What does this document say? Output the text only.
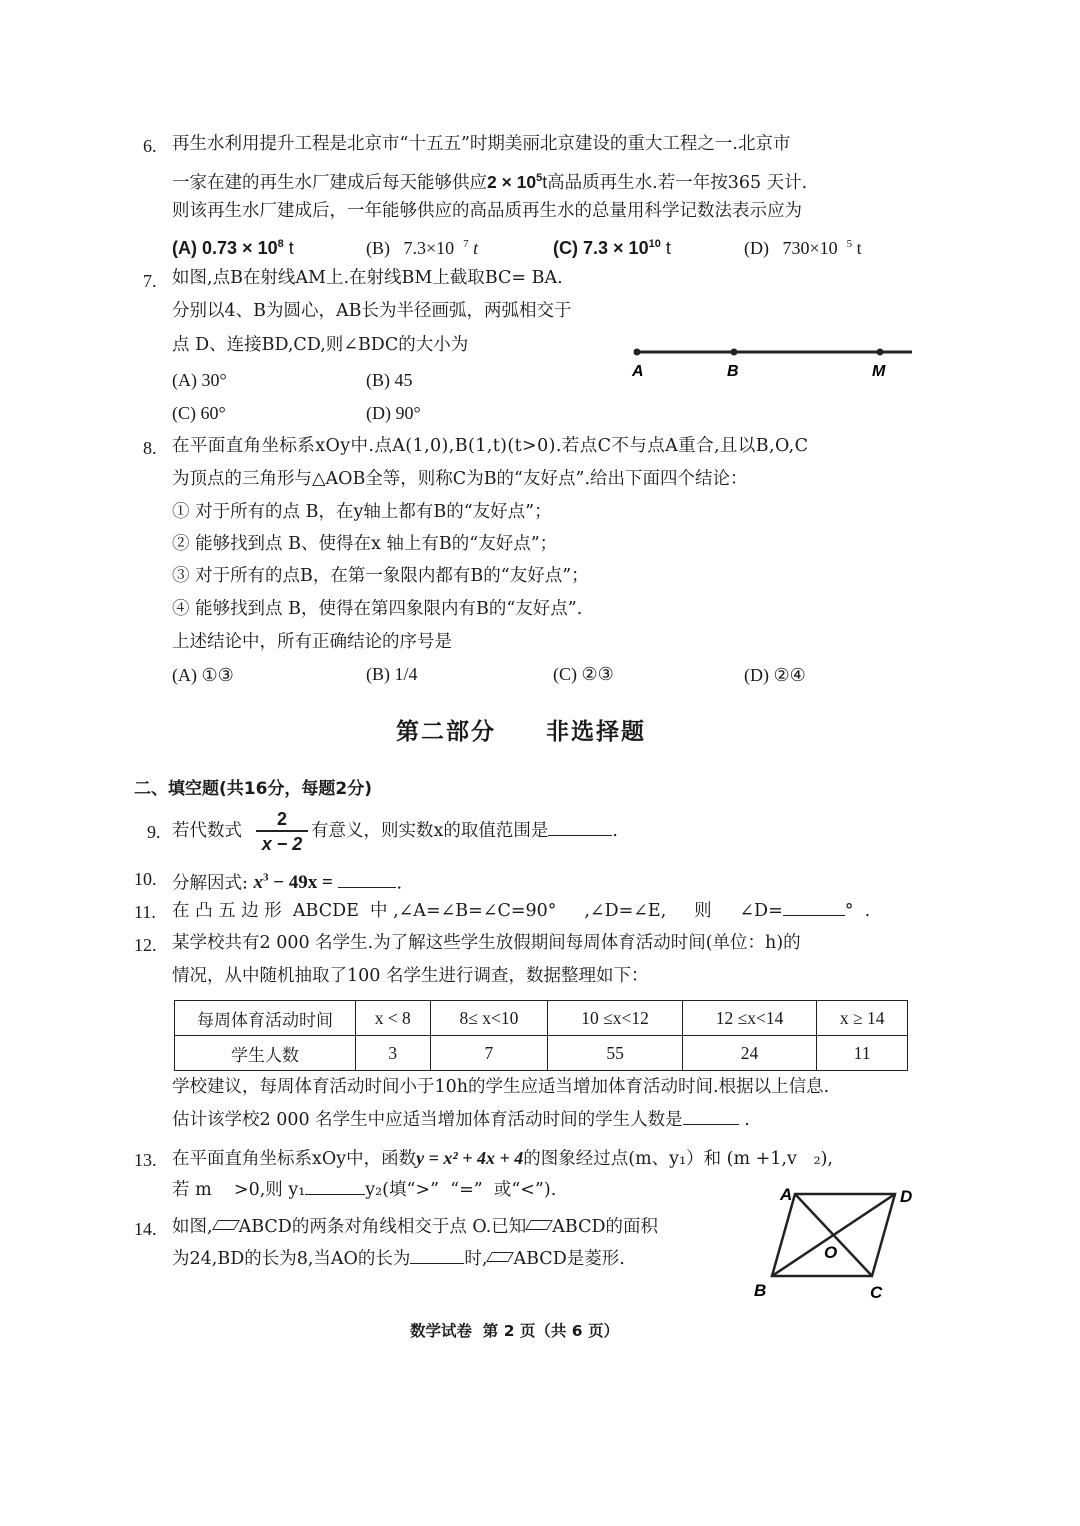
6. 再生水利用提升工程是北京市“十五五”时期美丽北京建设的重大工程之一.北京市
一家在建的再生水厂建成后每天能够供应$2 \times 10^5t$高品质再生水.若一年按365 天计.
则该再生水厂建成后，一年能够供应的高品质再生水的总量用科学记数法表示应为
(A) $0.73 \times 10^8$ t	(B) 7.3×10 $^7$ t	(C) $7.3 \times 10^{10}$ t	(D) 730×10 $^5$ t
7. 如图,点B在射线AM上.在射线BM上截取BC= BA.
分别以4、B为圆心，AB长为半径画弧，两弧相交于
点 D、连接BD,CD,则∠BDC的大小为
(A) 30°	(B) 45
(C) 60°	(D) 90°
A	B	M
8. 在平面直角坐标系xOy中.点A(1,0),B(1,t)(t>0).若点C不与点A重合,且以B,O,C
为顶点的三角形与△AOB全等，则称C为B的“友好点”.给出下面四个结论：
① 对于所有的点 B，在y轴上都有B的“友好点”；
② 能够找到点 B、使得在x 轴上有B的“友好点”；
③ 对于所有的点B，在第一象限内都有B的“友好点”；
④ 能够找到点 B，使得在第四象限内有B的“友好点”.
上述结论中，所有正确结论的序号是
(A) ①③	(B) 1/4	(C) ②③	(D) ②④
第二部分     非选择题
二、填空题(共16分，每题2分)
9. 若代数式
2
x − 2
有意义，则实数x的取值范围是	.
10. 分解因式: $x^3 - 49x$ =	.
11. 在 凸 五 边 形  ABCDE  中 ,∠A=∠B=∠C=90°     ,∠D=∠E,     则     ∠D=	°  .
12. 某学校共有2 000 名学生.为了解这些学生放假期间每周体育活动时间(单位：h)的
情况，从中随机抽取了100 名学生进行调查，数据整理如下：
每周体育活动时间	x < 8	8≤ x<10	10 ≤x<12	12 ≤x<14	x ≥ 14
学生人数	3	7	55	24	11
学校建议，每周体育活动时间小于10h的学生应适当增加体育活动时间.根据以上信息.
估计该学校2 000 名学生中应适当增加体育活动时间的学生人数是	.
13. 在平面直角坐标系xOy中，函数y = x² + 4x + 4的图象经过点(m、y₁）和 (m +1,v   ₂),
若 m    >0,则 y₁	y₂(填“>”  “=”  或“<”).
14. 如图, ABCD的两条对角线相交于点 O.已知 ABCD的面积
为24,BD的长为8,当AO的长为	时, ABCD是菱形.
A	D
B	C
O
数学试卷  第 2 页（共 6 页）
